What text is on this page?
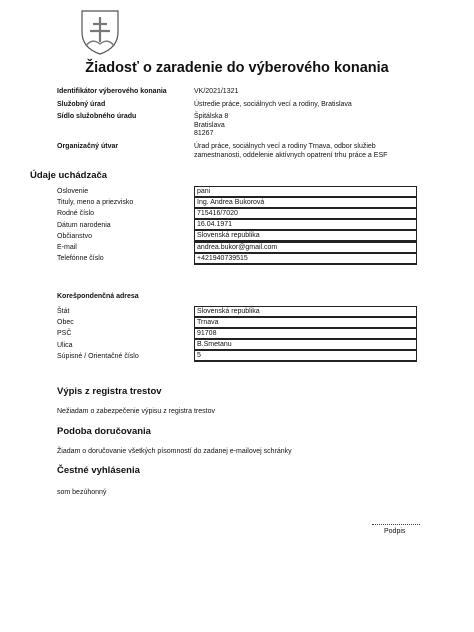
Žiadosť o zaradenie do výberového konania
Identifikátor výberového konania	VK/2021/1321
Služobný úrad	Ústredie práce, sociálnych vecí a rodiny, Bratislava
Sídlo služobného úradu	Špitálska 8
Bratislava
81267
Organizačný útvar	Úrad práce, sociálnych vecí a rodiny Trnava, odbor služieb
zamestnanosti, oddelenie aktívnych opatrení trhu práce a ESF
Údaje uchádzača
Oslovenie	pani
Tituly, meno a priezvisko	Ing. Andrea Bukorová
Rodné číslo	715416/7020
Dátum narodenia	16.04.1971
Občianstvo	Slovenská republika
E-mail	andrea.bukor@gmail.com
Telefónne číslo	+421940739515
Korešpondenčná adresa
Štát	Slovenská republika
Obec	Trnava
PSČ	91708
Ulica	B.Smetanu
Súpisné / Orientačné číslo	5
Výpis z registra trestov
Nežiadam o zabezpečenie výpisu z registra trestov
Podoba doručovania
Žiadam o doručovanie všetkých písomností do zadanej e-mailovej schránky
Čestné vyhlásenia
som bezúhonný
Podpis
